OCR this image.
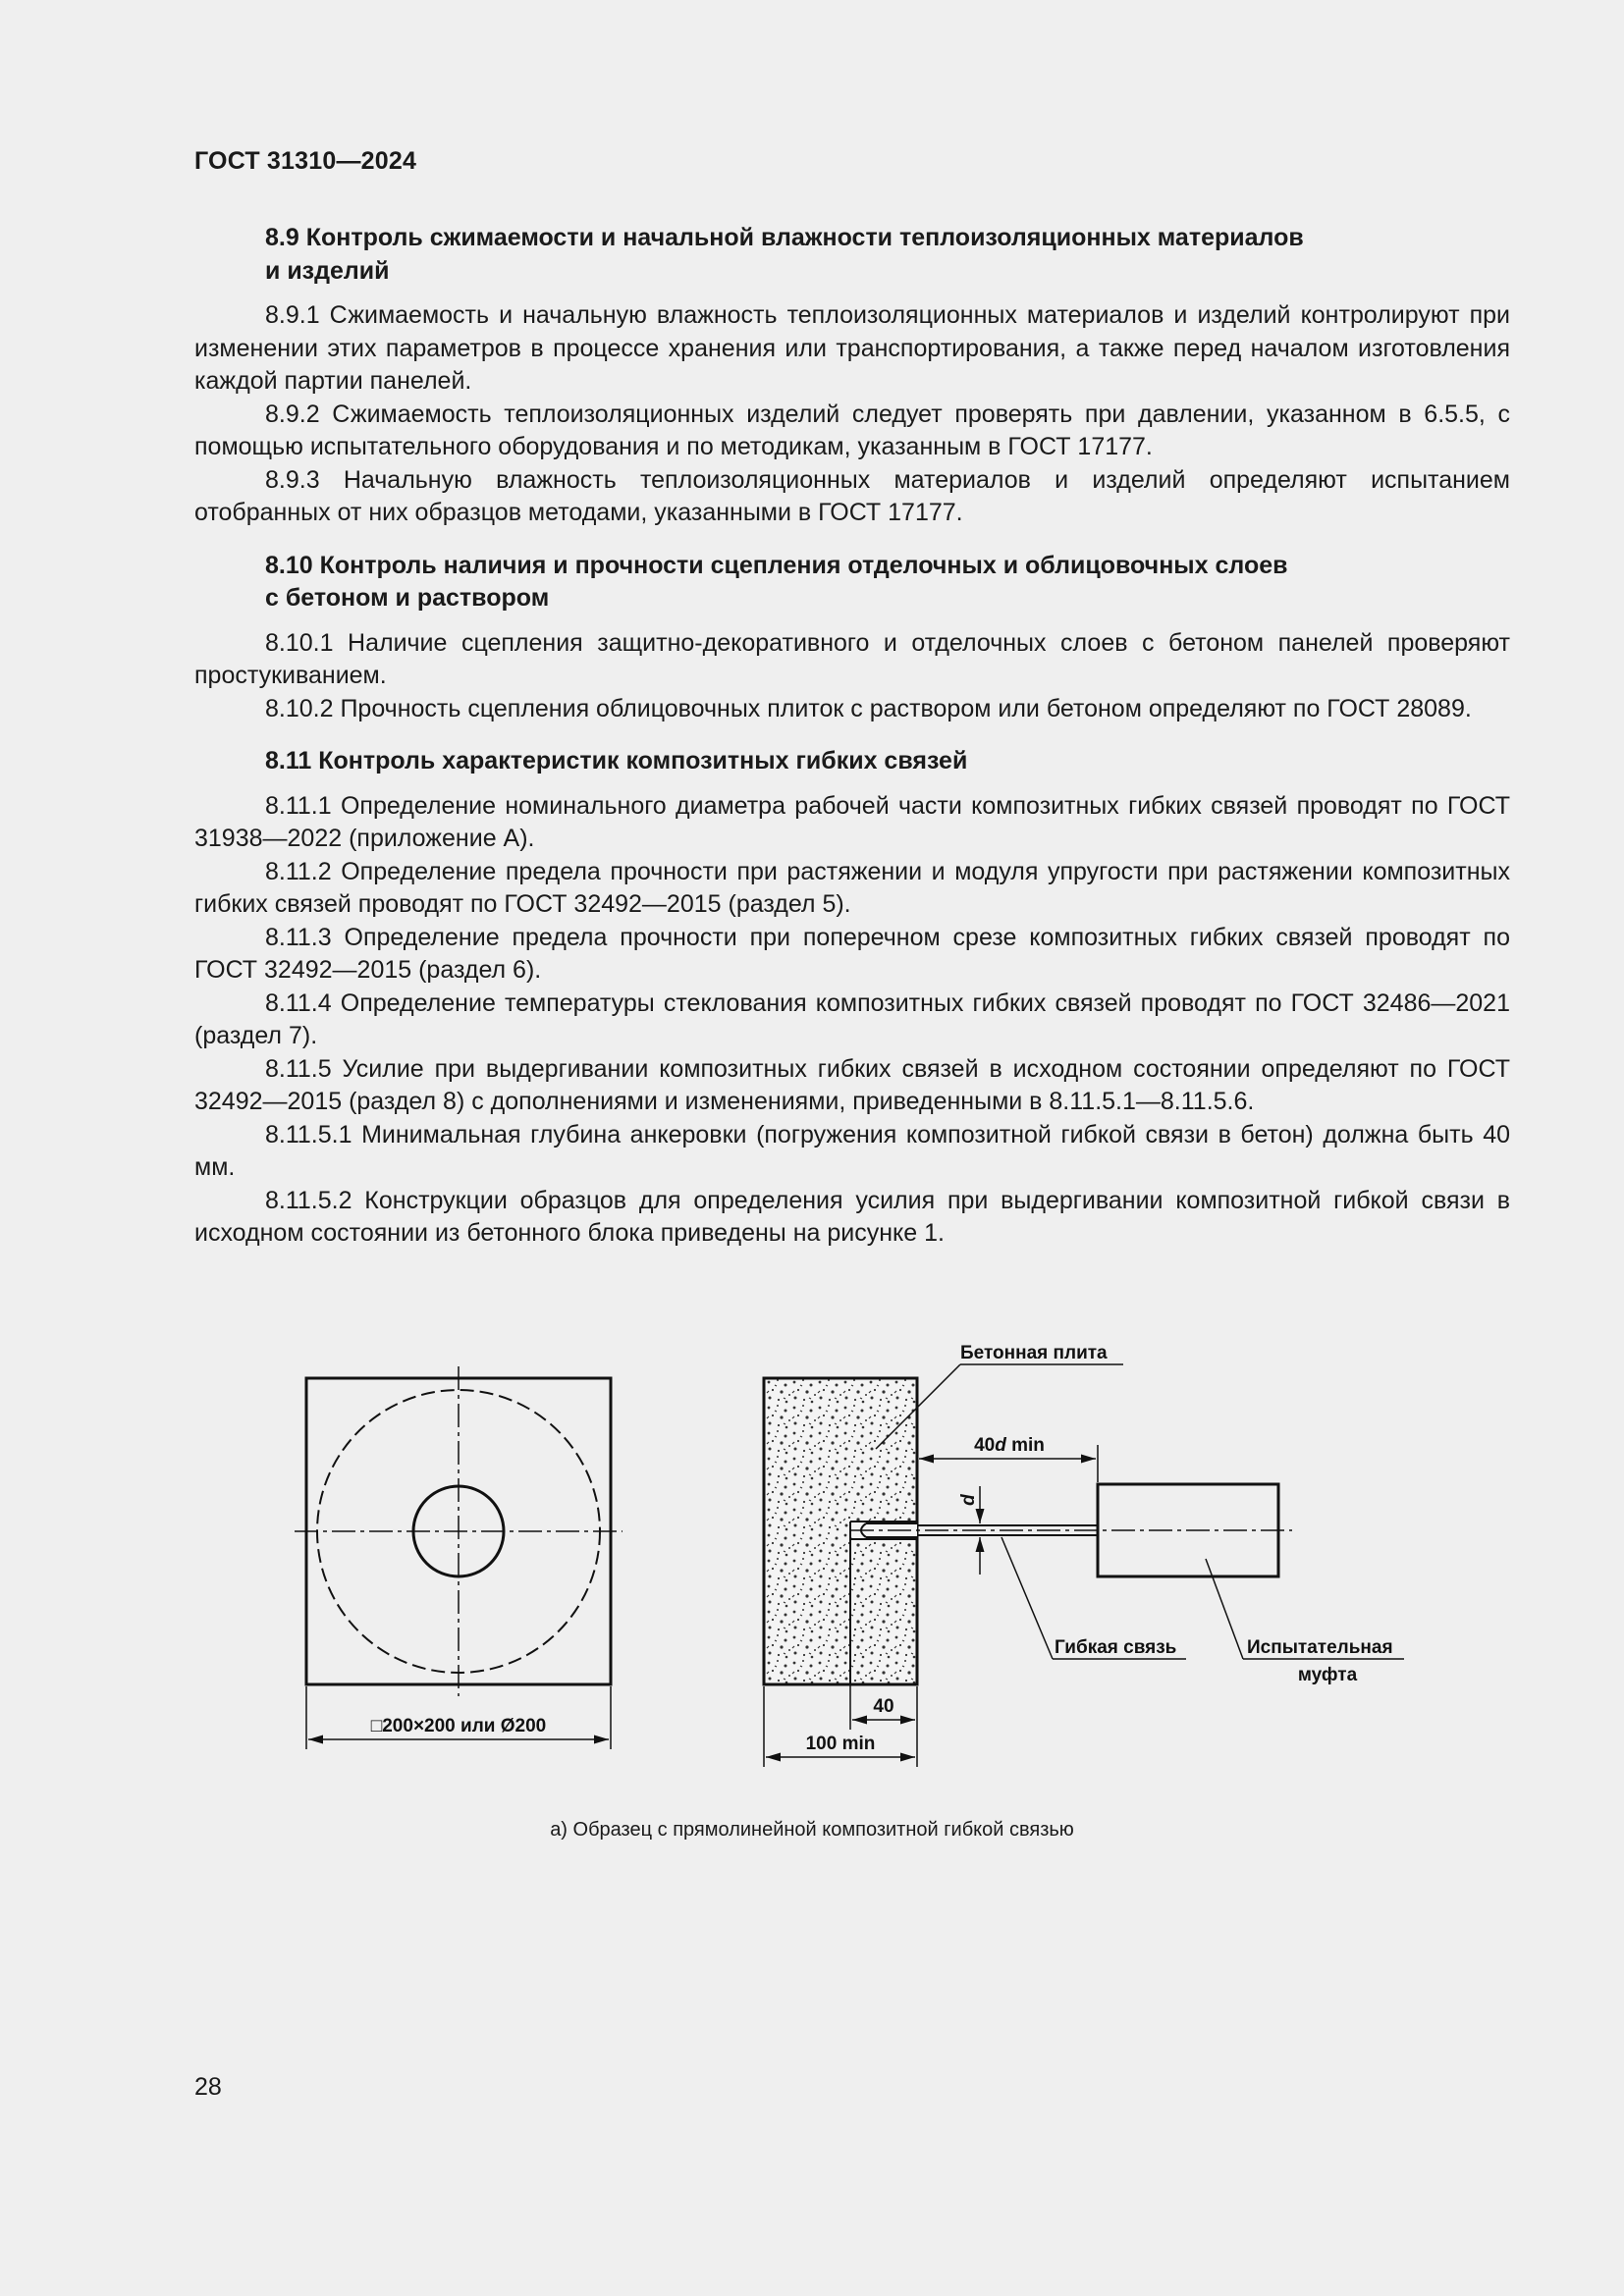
ГОСТ 31310—2024

8.9 Контроль сжимаемости и начальной влажности теплоизоляционных материалов

и изделий

8.9.1 Сжимаемость и начальную влажность теплоизоляционных материалов и изделий контролируют при изменении этих параметров в процессе хранения или транспортирования, а также перед началом изготовления каждой партии панелей.

8.9.2 Сжимаемость теплоизоляционных изделий следует проверять при давлении, указанном в 6.5.5, с помощью испытательного оборудования и по методикам, указанным в ГОСТ 17177.

8.9.3 Начальную влажность теплоизоляционных материалов и изделий определяют испытанием отобранных от них образцов методами, указанными в ГОСТ 17177.

8.10 Контроль наличия и прочности сцепления отделочных и облицовочных слоев

с бетоном и раствором

8.10.1 Наличие сцепления защитно-декоративного и отделочных слоев с бетоном панелей проверяют простукиванием.

8.10.2 Прочность сцепления облицовочных плиток с раствором или бетоном определяют по ГОСТ 28089.

8.11 Контроль характеристик композитных гибких связей

8.11.1 Определение номинального диаметра рабочей части композитных гибких связей проводят по ГОСТ 31938—2022 (приложение А).

8.11.2 Определение предела прочности при растяжении и модуля упругости при растяжении композитных гибких связей проводят по ГОСТ 32492—2015 (раздел 5).

8.11.3 Определение предела прочности при поперечном срезе композитных гибких связей проводят по ГОСТ 32492—2015 (раздел 6).

8.11.4 Определение температуры стеклования композитных гибких связей проводят по ГОСТ 32486—2021 (раздел 7).

8.11.5 Усилие при выдергивании композитных гибких связей в исходном состоянии определяют по ГОСТ 32492—2015 (раздел 8) с дополнениями и изменениями, приведенными в 8.11.5.1—8.11.5.6.

8.11.5.1 Минимальная глубина анкеровки (погружения композитной гибкой связи в бетон) должна быть 40 мм.

8.11.5.2 Конструкции образцов для определения усилия при выдергивании композитной гибкой связи в исходном состоянии из бетонного блока приведены на рисунке 1.

□200×200 или Ø200
Бетонная плита
40d min
d
Гибкая связь	Испытательная
муфта
40
100 min
а) Образец с прямолинейной композитной гибкой связью
28
